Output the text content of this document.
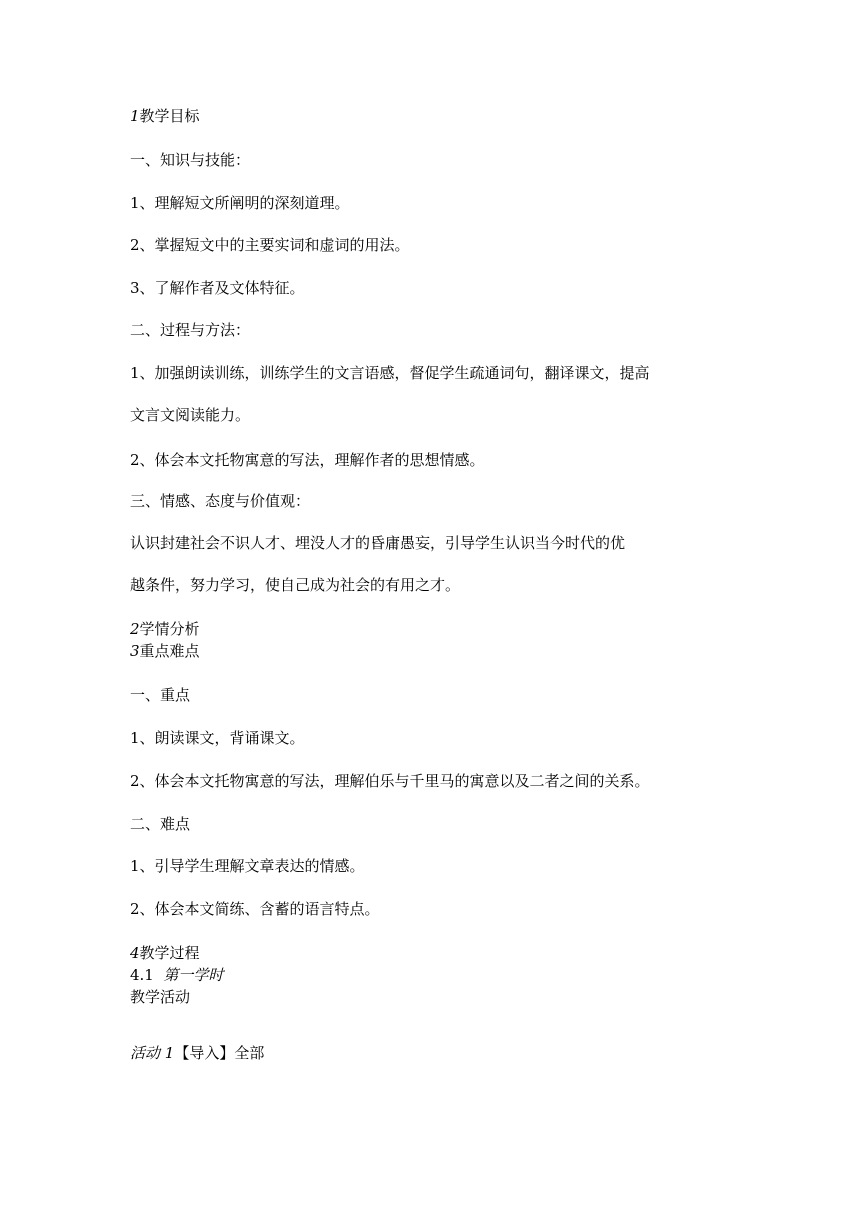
1教学目标
一、知识与技能：
1、理解短文所阐明的深刻道理。
2、掌握短文中的主要实词和虚词的用法。
3、了解作者及文体特征。
二、过程与方法：
1、加强朗读训练，训练学生的文言语感，督促学生疏通词句，翻译课文，提高
文言文阅读能力。
2、体会本文托物寓意的写法，理解作者的思想情感。
三、情感、态度与价值观：
认识封建社会不识人才、埋没人才的昏庸愚妄，引导学生认识当今时代的优
越条件，努力学习，使自己成为社会的有用之才。
2学情分析
3重点难点
一、重点
1、朗读课文，背诵课文。
2、体会本文托物寓意的写法，理解伯乐与千里马的寓意以及二者之间的关系。
二、难点
1、引导学生理解文章表达的情感。
2、体会本文简练、含蓄的语言特点。
4教学过程
4.1 第一学时
教学活动
活动 1【导入】全部
